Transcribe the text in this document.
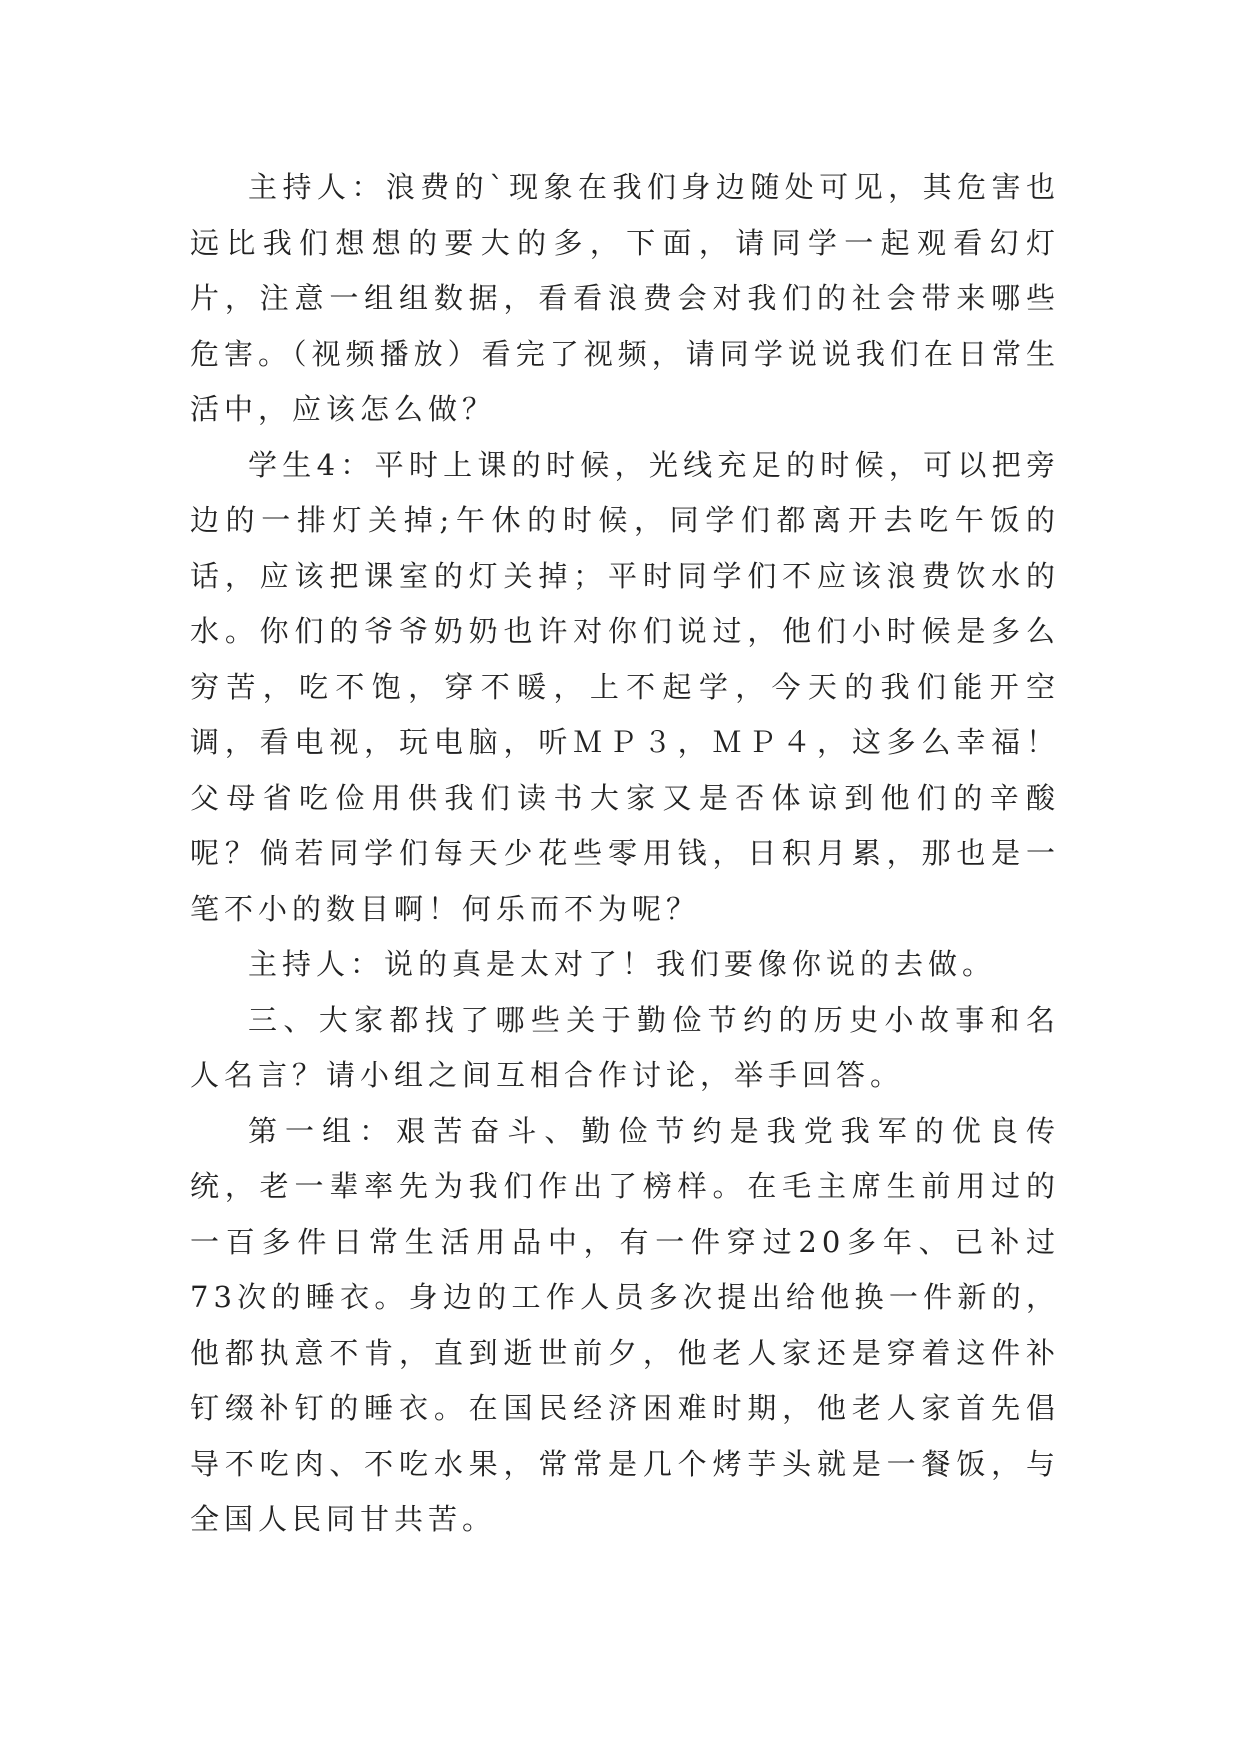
主持人：浪费的`现象在我们身边随处可见，其危害也远比我们想想的要大的多，下面，请同学一起观看幻灯片，注意一组组数据，看看浪费会对我们的社会带来哪些危害。（视频播放）看完了视频，请同学说说我们在日常生活中，应该怎么做？

学生4：平时上课的时候，光线充足的时候，可以把旁边的一排灯关掉;午休的时候，同学们都离开去吃午饭的话，应该把课室的灯关掉；平时同学们不应该浪费饮水的水。你们的爷爷奶奶也许对你们说过，他们小时候是多么穷苦，吃不饱，穿不暖，上不起学，今天的我们能开空调，看电视，玩电脑，听ＭＰ３，ＭＰ４，这多么幸福！父母省吃俭用供我们读书大家又是否体谅到他们的辛酸呢？倘若同学们每天少花些零用钱，日积月累，那也是一笔不小的数目啊！何乐而不为呢？

主持人：说的真是太对了！我们要像你说的去做。

三、大家都找了哪些关于勤俭节约的历史小故事和名人名言？请小组之间互相合作讨论，举手回答。

第一组：艰苦奋斗、勤俭节约是我党我军的优良传统，老一辈率先为我们作出了榜样。在毛主席生前用过的一百多件日常生活用品中，有一件穿过20多年、已补过73次的睡衣。身边的工作人员多次提出给他换一件新的，他都执意不肯，直到逝世前夕，他老人家还是穿着这件补钉缀补钉的睡衣。在国民经济困难时期，他老人家首先倡导不吃肉、不吃水果，常常是几个烤芋头就是一餐饭，与全国人民同甘共苦。
